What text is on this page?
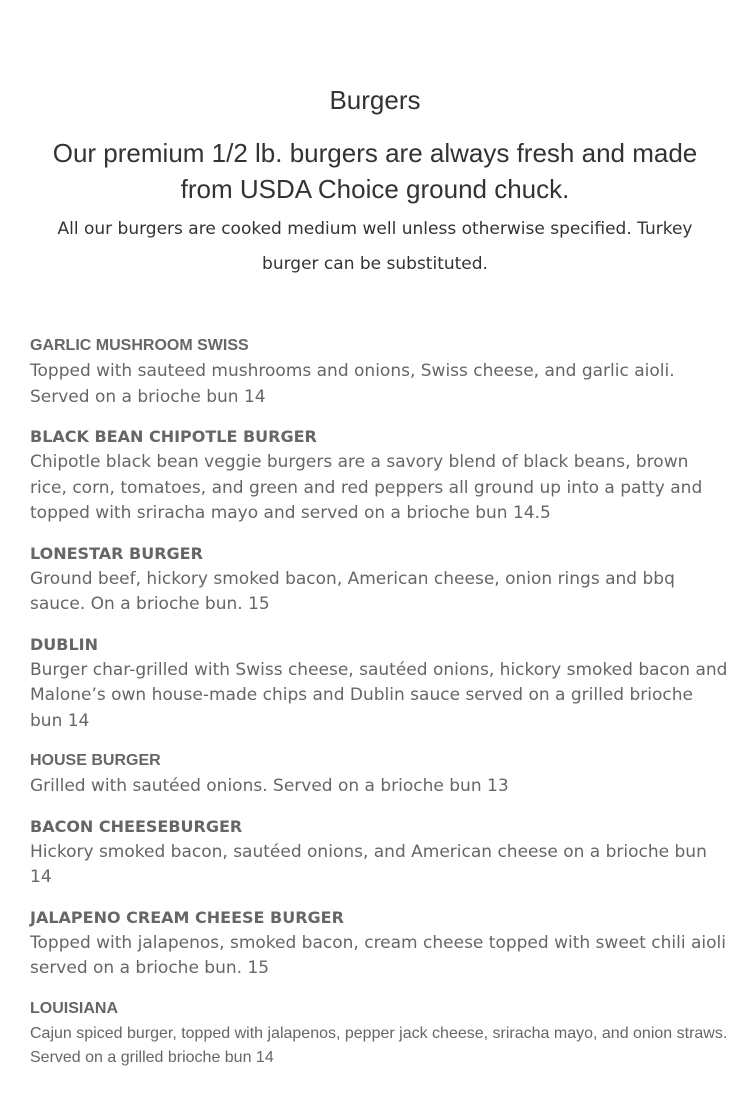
Burgers
Our premium 1/2 lb. burgers are always fresh and made from USDA Choice ground chuck.

All our burgers are cooked medium well unless otherwise specified. Turkey burger can be substituted.

GARLIC MUSHROOM SWISS
Topped with sauteed mushrooms and onions, Swiss cheese, and garlic aioli. Served on a brioche bun 14
BLACK BEAN CHIPOTLE BURGER
Chipotle black bean veggie burgers are a savory blend of black beans, brown rice, corn, tomatoes, and green and red peppers all ground up into a patty and topped with sriracha mayo and served on a brioche bun 14.5
LONESTAR BURGER
Ground beef, hickory smoked bacon, American cheese, onion rings and bbq sauce. On a brioche bun. 15
DUBLIN
Burger char-grilled with Swiss cheese, sautéed onions, hickory smoked bacon and Malone’s own house-made chips and Dublin sauce served on a grilled brioche bun 14
HOUSE BURGER
Grilled with sautéed onions. Served on a brioche bun 13
BACON CHEESEBURGER
Hickory smoked bacon, sautéed onions, and American cheese on a brioche bun 14
JALAPENO CREAM CHEESE BURGER
Topped with jalapenos, smoked bacon, cream cheese topped with sweet chili aioli served on a brioche bun. 15
LOUISIANA
Cajun spiced burger, topped with jalapenos, pepper jack cheese, sriracha mayo, and onion straws. Served on a grilled brioche bun 14
